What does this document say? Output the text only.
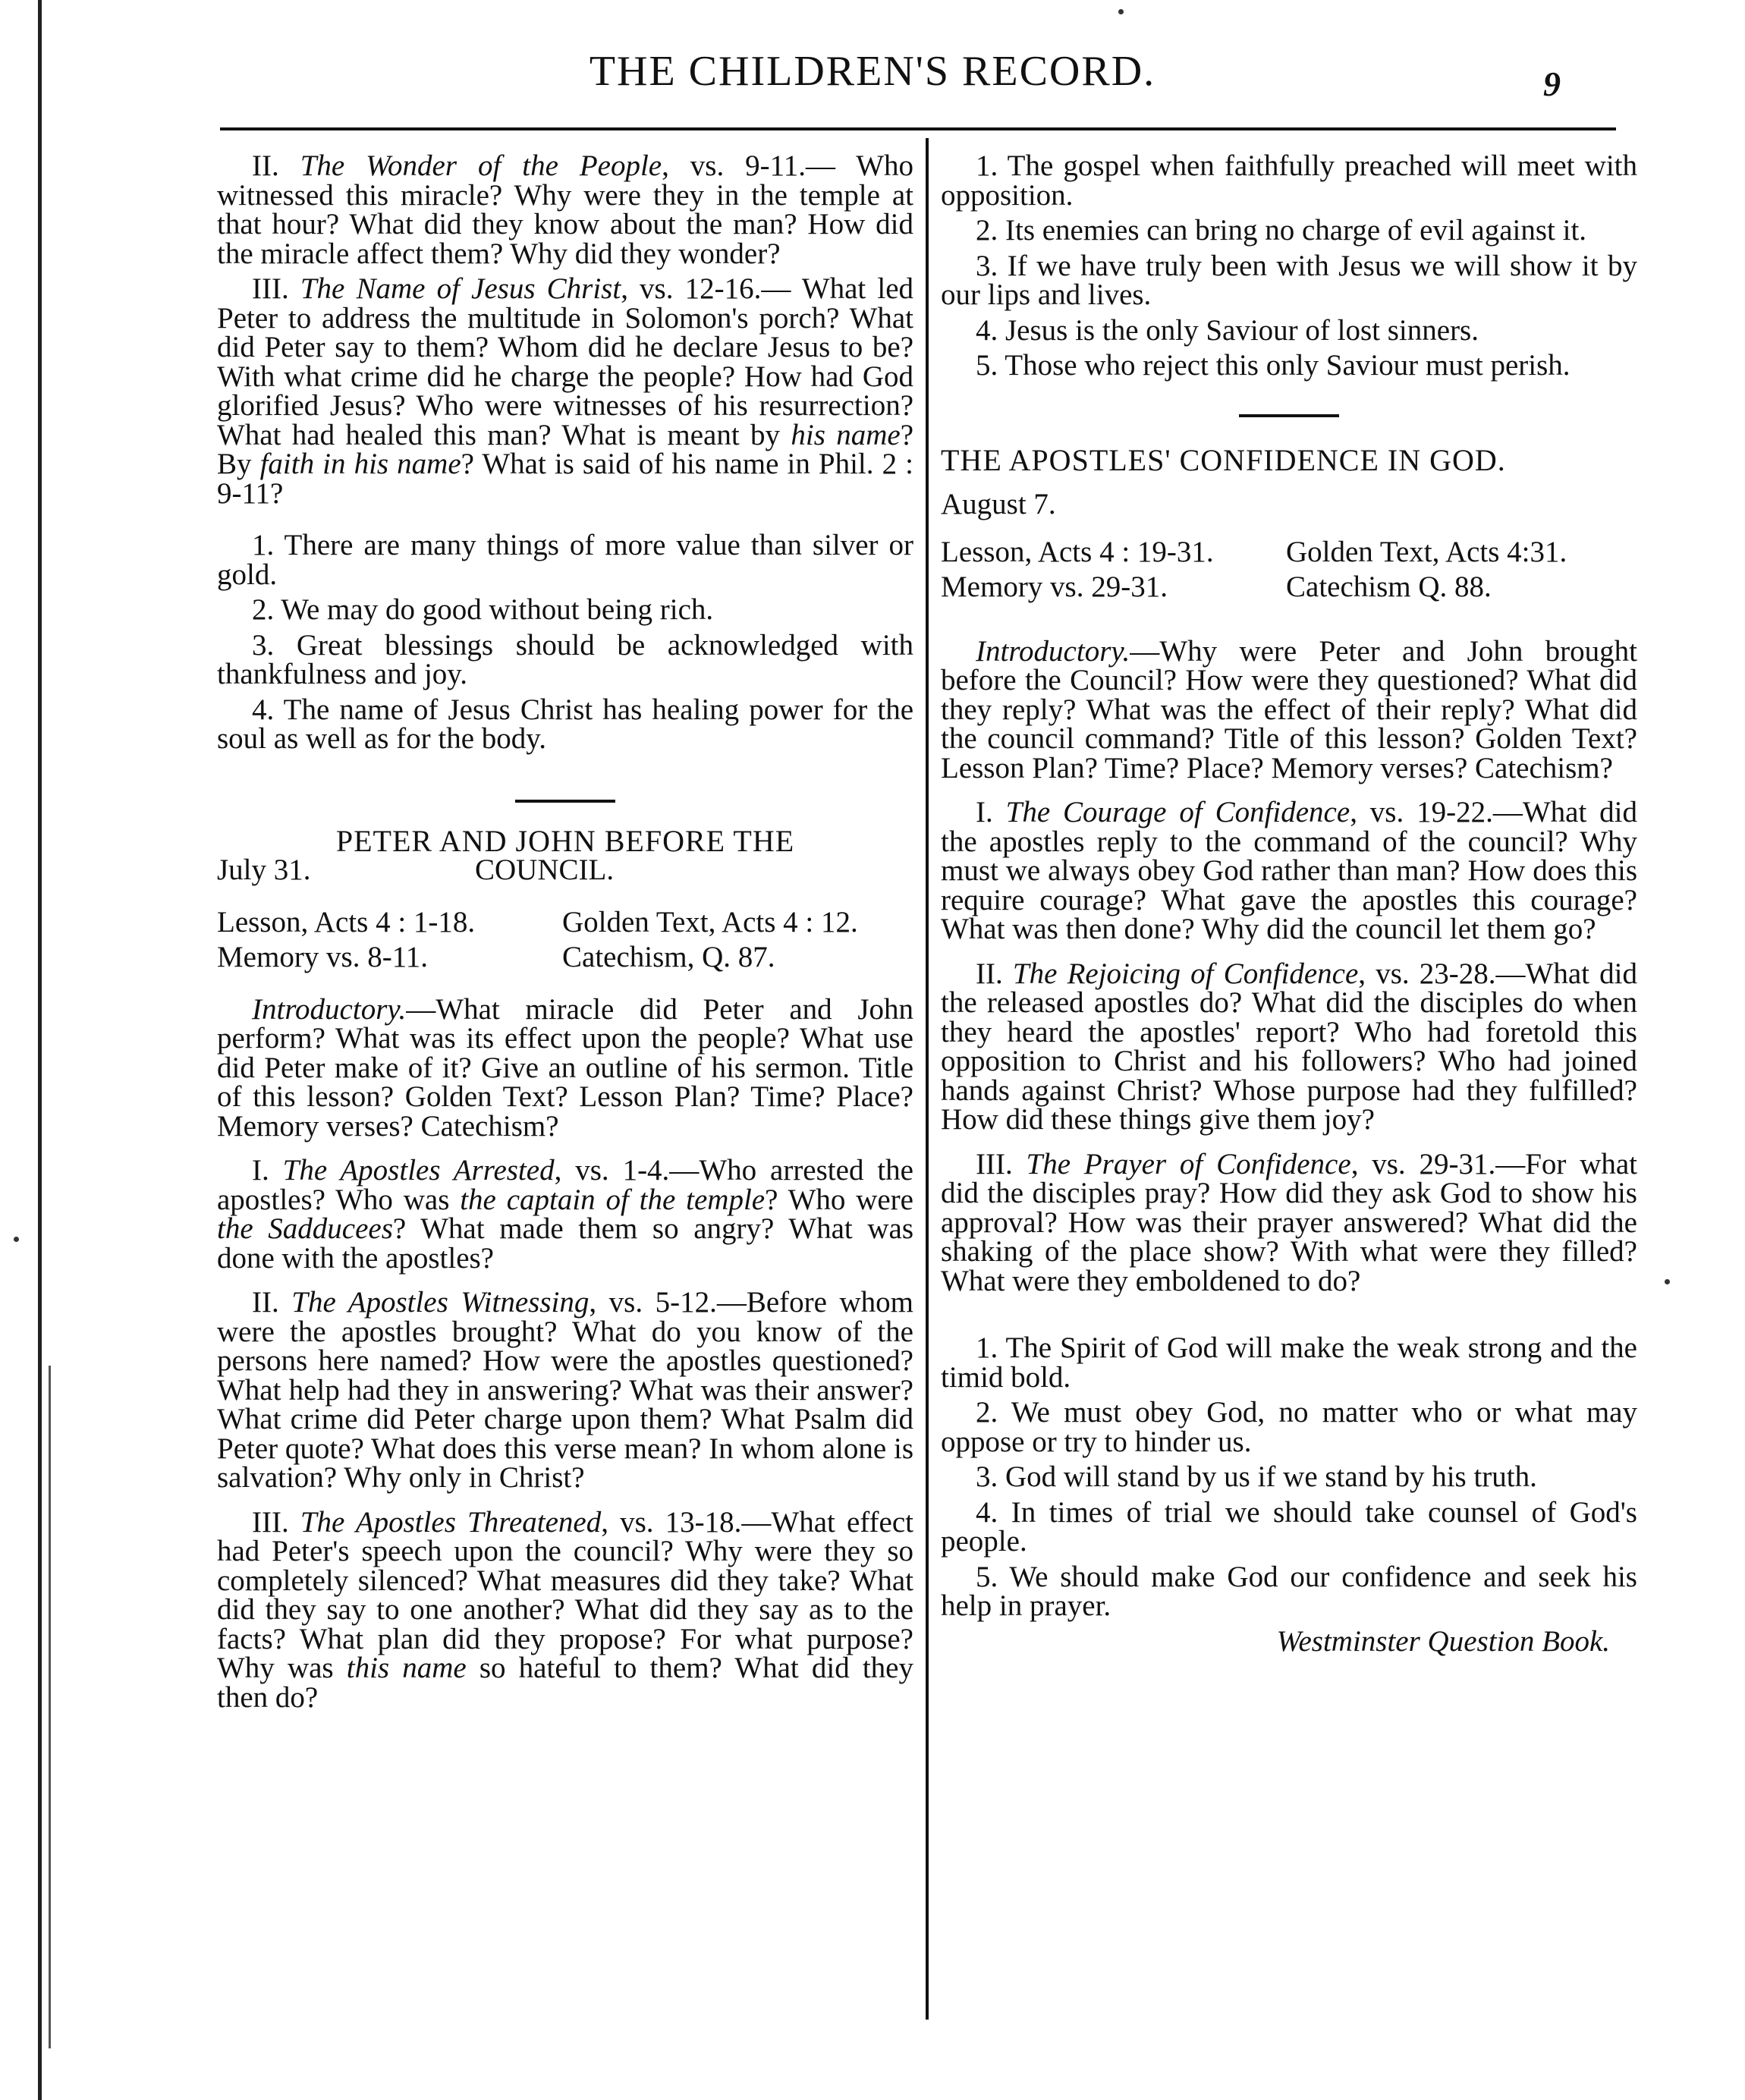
THE CHILDREN'S RECORD.	9

II. The Wonder of the People, vs. 9-11.— Who witnessed this miracle? Why were they in the temple at that hour? What did they know about the man? How did the miracle affect them? Why did they wonder?

III. The Name of Jesus Christ, vs. 12-16.— What led Peter to address the multitude in Solomon's porch? What did Peter say to them? Whom did he declare Jesus to be? With what crime did he charge the people? How had God glorified Jesus? Who were witnesses of his resurrection? What had healed this man? What is meant by his name? By faith in his name? What is said of his name in Phil. 2 : 9-11?

1. There are many things of more value than silver or gold.

2. We may do good without being rich.

3. Great blessings should be acknowledged with thankfulness and joy.

4. The name of Jesus Christ has healing power for the soul as well as for the body.

PETER AND JOHN BEFORE THE

July 31.	COUNCIL.
Lesson, Acts 4 : 1-18.	Golden Text, Acts 4 : 12.
Memory vs. 8-11.	Catechism, Q. 87.

Introductory.—What miracle did Peter and John perform? What was its effect upon the people? What use did Peter make of it? Give an outline of his sermon. Title of this lesson? Golden Text? Lesson Plan? Time? Place? Memory verses? Catechism?

I. The Apostles Arrested, vs. 1-4.—Who arrested the apostles? Who was the captain of the temple? Who were the Sadducees? What made them so angry? What was done with the apostles?

II. The Apostles Witnessing, vs. 5-12.—Before whom were the apostles brought? What do you know of the persons here named? How were the apostles questioned? What help had they in answering? What was their answer? What crime did Peter charge upon them? What Psalm did Peter quote? What does this verse mean? In whom alone is salvation? Why only in Christ?

III. The Apostles Threatened, vs. 13-18.—What effect had Peter's speech upon the council? Why were they so completely silenced? What measures did they take? What did they say to one another? What did they say as to the facts? What plan did they propose? For what purpose? Why was this name so hateful to them? What did they then do?

1. The gospel when faithfully preached will meet with opposition.

2. Its enemies can bring no charge of evil against it.

3. If we have truly been with Jesus we will show it by our lips and lives.

4. Jesus is the only Saviour of lost sinners.

5. Those who reject this only Saviour must perish.

THE APOSTLES' CONFIDENCE IN GOD.

August 7.

Lesson, Acts 4 : 19-31.	Golden Text, Acts 4:31.
Memory vs. 29-31.	Catechism Q. 88.

Introductory.—Why were Peter and John brought before the Council? How were they questioned? What did they reply? What was the effect of their reply? What did the council command? Title of this lesson? Golden Text? Lesson Plan? Time? Place? Memory verses? Catechism?

I. The Courage of Confidence, vs. 19-22.—What did the apostles reply to the command of the council? Why must we always obey God rather than man? How does this require courage? What gave the apostles this courage? What was then done? Why did the council let them go?

II. The Rejoicing of Confidence, vs. 23-28.—What did the released apostles do? What did the disciples do when they heard the apostles' report? Who had foretold this opposition to Christ and his followers? Who had joined hands against Christ? Whose purpose had they fulfilled? How did these things give them joy?

III. The Prayer of Confidence, vs. 29-31.—For what did the disciples pray? How did they ask God to show his approval? How was their prayer answered? What did the shaking of the place show? With what were they filled? What were they emboldened to do?

1. The Spirit of God will make the weak strong and the timid bold.

2. We must obey God, no matter who or what may oppose or try to hinder us.

3. God will stand by us if we stand by his truth.

4. In times of trial we should take counsel of God's people.

5. We should make God our confidence and seek his help in prayer.

Westminster Question Book.
